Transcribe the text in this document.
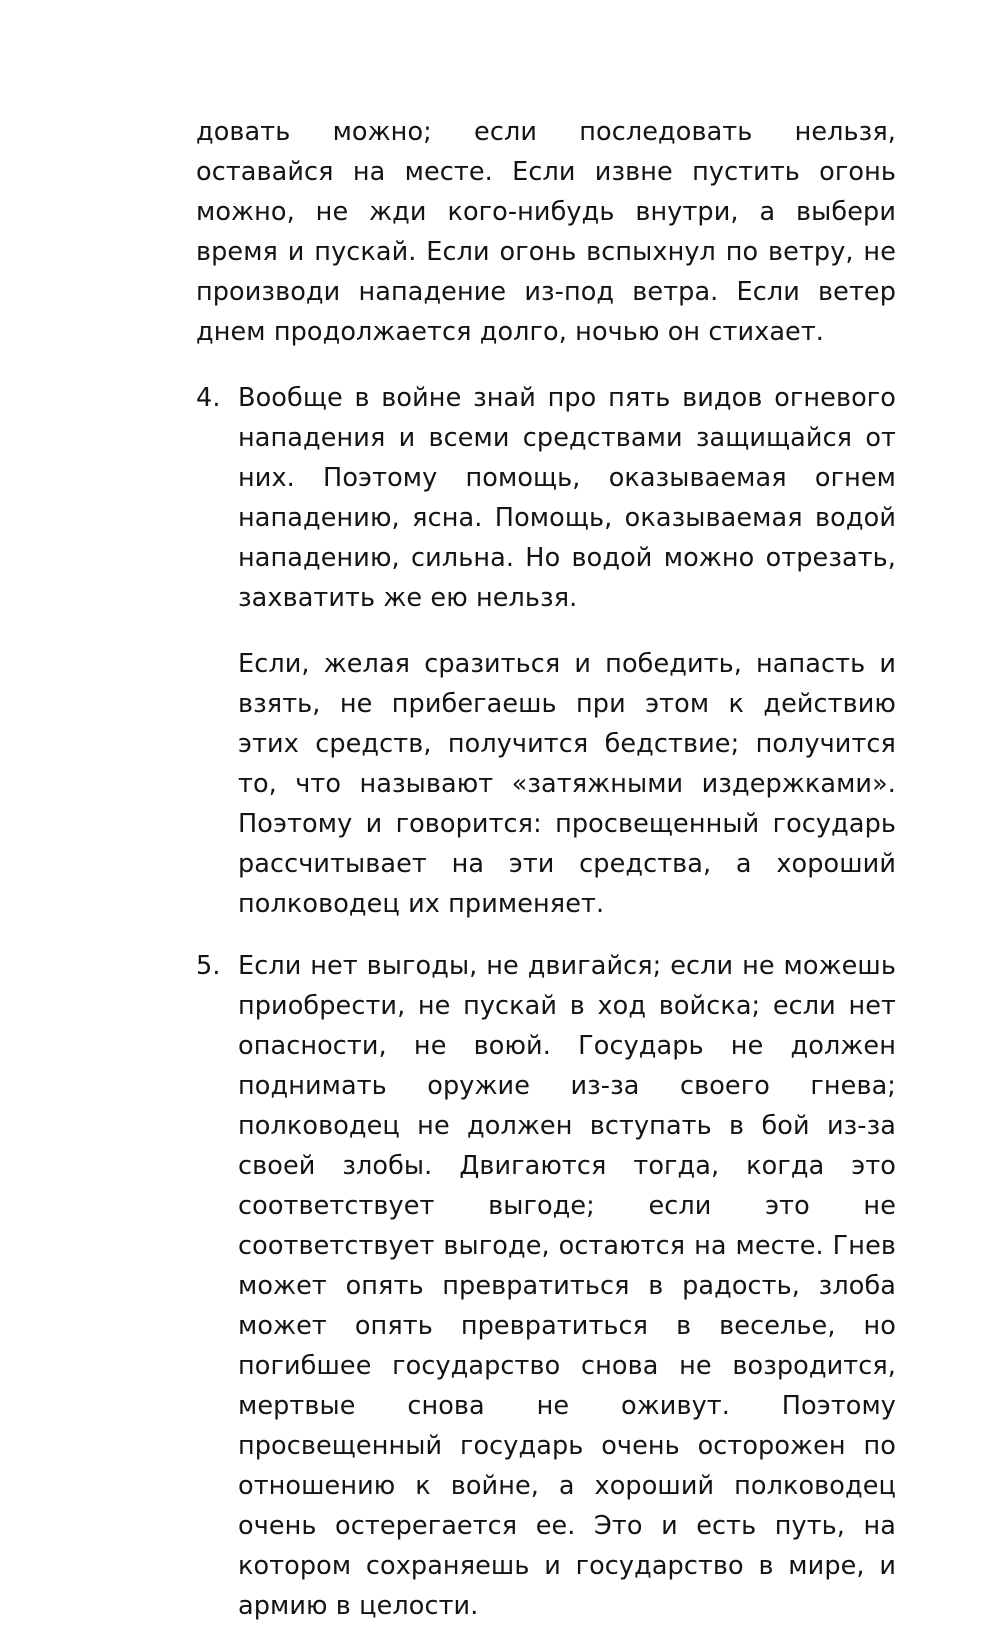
довать можно; если последовать нельзя, оставайся на месте. Если извне пустить огонь можно, не жди кого-нибудь внутри, а выбери время и пускай. Если огонь вспыхнул по ветру, не производи нападение из-под ветра. Если ветер днем продолжается долго, ночью он стихает.

4. Вообще в войне знай про пять видов огневого нападения и всеми средствами защищайся от них. Поэтому помощь, оказываемая огнем нападению, ясна. Помощь, оказываемая водой нападению, сильна. Но водой можно отрезать, захватить же ею нельзя.

Если, желая сразиться и победить, напасть и взять, не прибегаешь при этом к действию этих средств, получится бедствие; получится то, что называют «затяжными издержками». Поэтому и говорится: просвещенный государь рассчитывает на эти средства, а хороший полководец их применяет.

5. Если нет выгоды, не двигайся; если не можешь приобрести, не пускай в ход войска; если нет опасности, не воюй. Государь не должен поднимать оружие из-за своего гнева; полководец не должен вступать в бой из-за своей злобы. Двигаются тогда, когда это соответствует выгоде; если это не соответствует выгоде, остаются на месте. Гнев может опять превратиться в радость, злоба может опять превратиться в веселье, но погибшее государство снова не возродится, мертвые снова не оживут. Поэтому просвещенный государь очень осторожен по отношению к войне, а хороший полководец очень остерегается ее. Это и есть путь, на котором сохраняешь и государство в мире, и армию в целости.
